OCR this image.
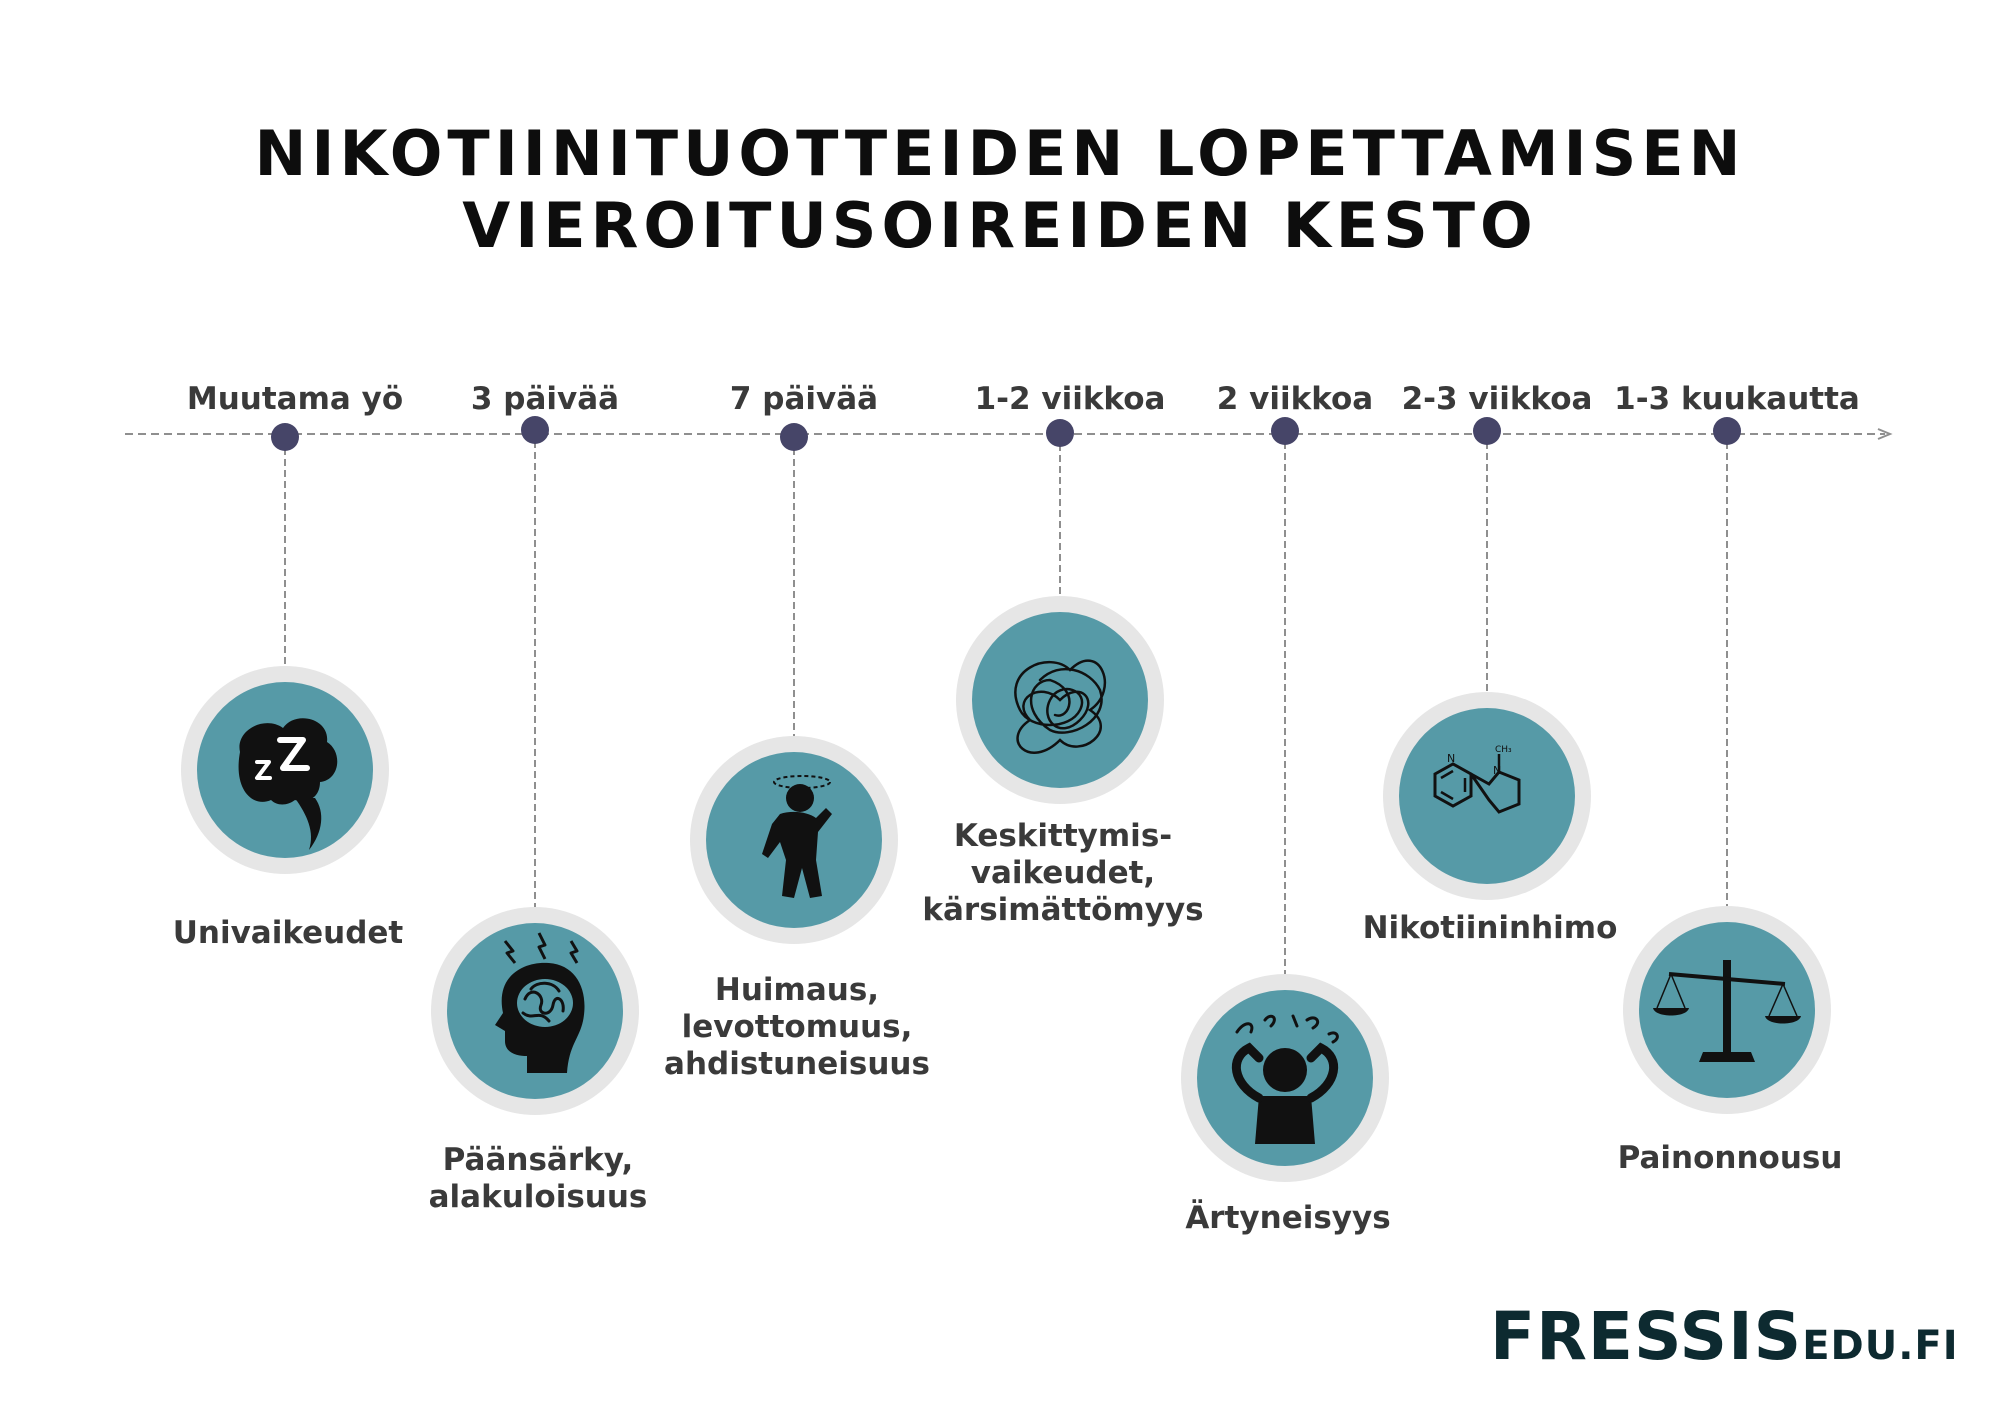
NIKOTIINITUOTTEIDEN LOPETTAMISEN
VIEROITUSOIREIDEN KESTO
N
N
CH₃
Muutama yö
Univaikeudet
3 päivää
Päänsärky, alakuloisuus
7 päivää
Huimaus, levottomuus, ahdistuneisuus
1-2 viikkoa
Keskittymis-vaikeudet, kärsimättömyys
2 viikkoa
Ärtyneisyys
2-3 viikkoa
Nikotiininhimo
1-3 kuukautta
Painonnousu
FRESSISEDU.FI
